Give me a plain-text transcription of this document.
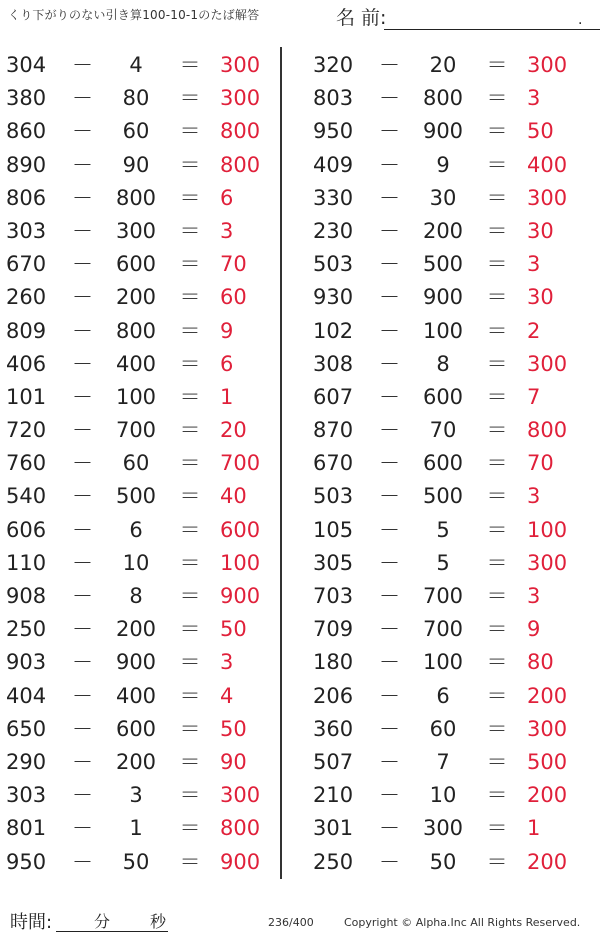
くり下がりのない引き算100-10-1のたば解答	名 前:	.
304 －	4	＝ 300
380 －	80	＝ 300
860 －	60	＝ 800
890 －	90	＝ 800
806 －	800	＝ 6
303 －	300	＝ 3
670 －	600	＝ 70
260 －	200	＝ 60
809 －	800	＝ 9
406 －	400	＝ 6
101 －	100	＝ 1
720 －	700	＝ 20
760 －	60	＝ 700
540 －	500	＝ 40
606 －	6	＝ 600
110 －	10	＝ 100
908 －	8	＝ 900
250 －	200	＝ 50
903 －	900	＝ 3
404 －	400	＝ 4
650 －	600	＝ 50
290 －	200	＝ 90
303 －	3	＝ 300
801 －	1	＝ 800
950 －	50	＝ 900
320 －	20	＝ 300
803 －	800	＝ 3
950 －	900	＝ 50
409 －	9	＝ 400
330 －	30	＝ 300
230 －	200	＝ 30
503 －	500	＝ 3
930 －	900	＝ 30
102 －	100	＝ 2
308 －	8	＝ 300
607 －	600	＝ 7
870 －	70	＝ 800
670 －	600	＝ 70
503 －	500	＝ 3
105 －	5	＝ 100
305 －	5	＝ 300
703 －	700	＝ 3
709 －	700	＝ 9
180 －	100	＝ 80
206 －	6	＝ 200
360 －	60	＝ 300
507 －	7	＝ 500
210 －	10	＝ 200
301 －	300	＝ 1
250 －	50	＝ 200
時間:	分 秒	236/400	Copyright © Alpha.Inc All Rights Reserved.
